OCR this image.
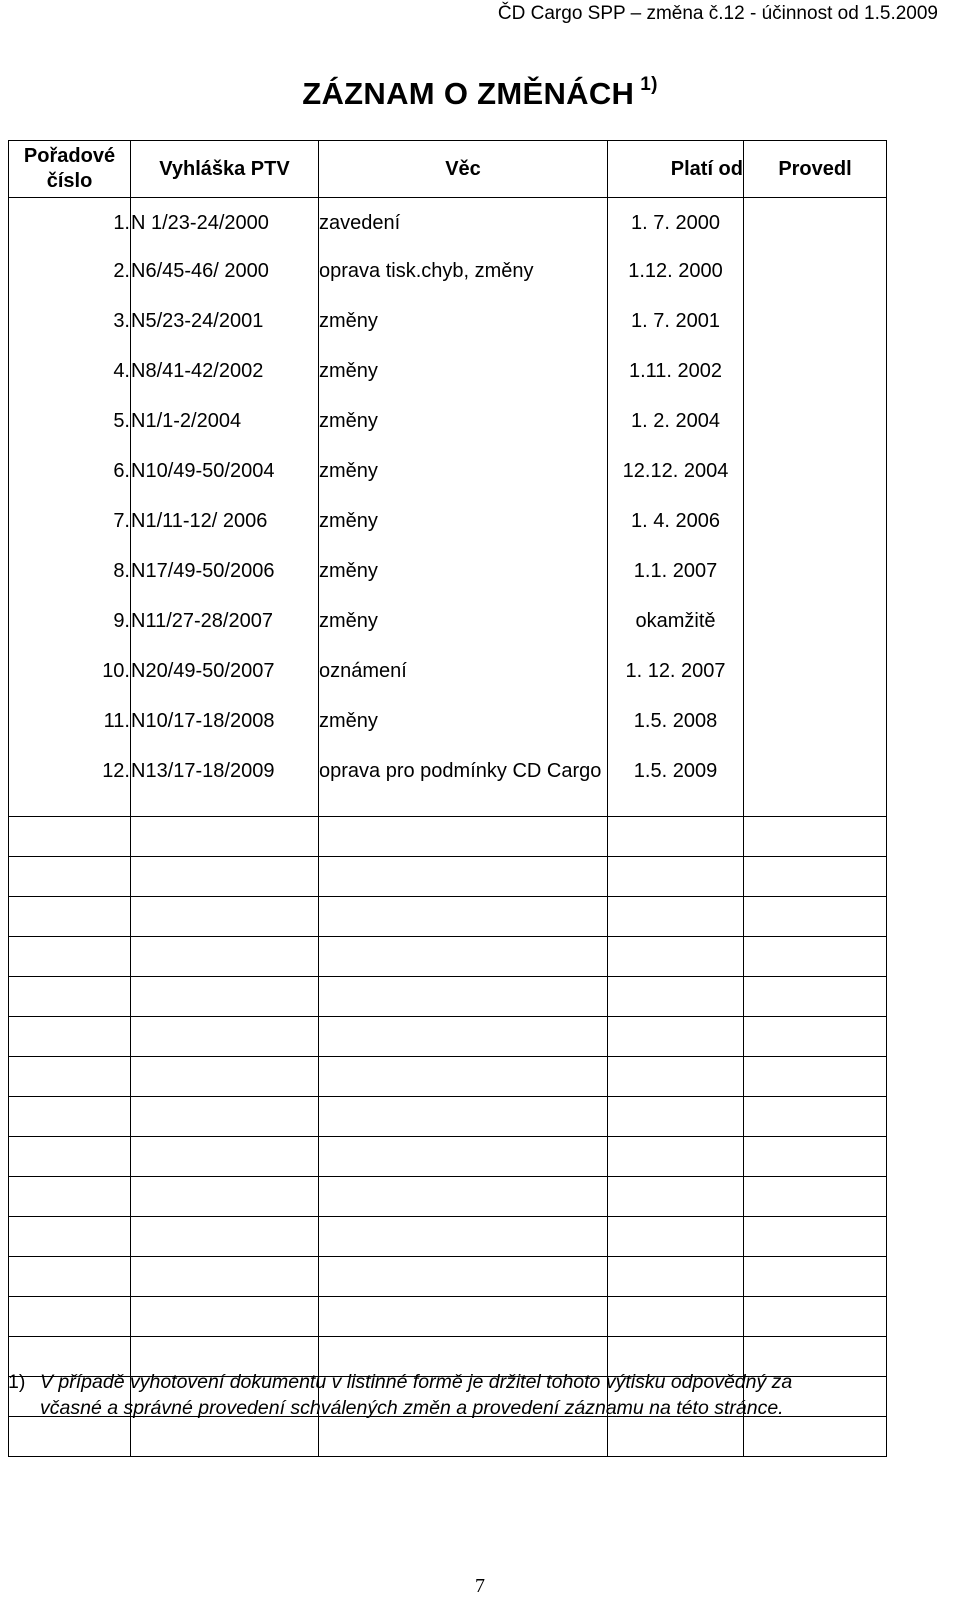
ČD Cargo SPP – změna č.12 - účinnost od 1.5.2009
ZÁZNAM O ZMĚNÁCH $^{1)}$
Pořadové
číslo	Vyhláška PTV	Věc	Platí od	Provedl
1.	N 1/23-24/2000	zavedení	1. 7. 2000	
2.	N6/45-46/ 2000	oprava tisk.chyb, změny	1.12. 2000	
3.	N5/23-24/2001	změny	1. 7. 2001	
4.	N8/41-42/2002	změny	1.11. 2002	
5.	N1/1-2/2004	změny	1. 2. 2004	
6.	N10/49-50/2004	změny	12.12. 2004	
7.	N1/11-12/ 2006	změny	1. 4. 2006	
8.	N17/49-50/2006	změny	1.1. 2007	
9.	N11/27-28/2007	změny	okamžitě	
10.	N20/49-50/2007	oznámení	1. 12. 2007	
11.	N10/17-18/2008	změny	1.5. 2008	
12.	N13/17-18/2009	oprava pro podmínky CD Cargo	1.5. 2009	

1) V případě vyhotovení dokumentu v listinné formě je držitel tohoto výtisku odpovědný za
včasné a správné provedení schválených změn a provedení záznamu na této stránce.
7
